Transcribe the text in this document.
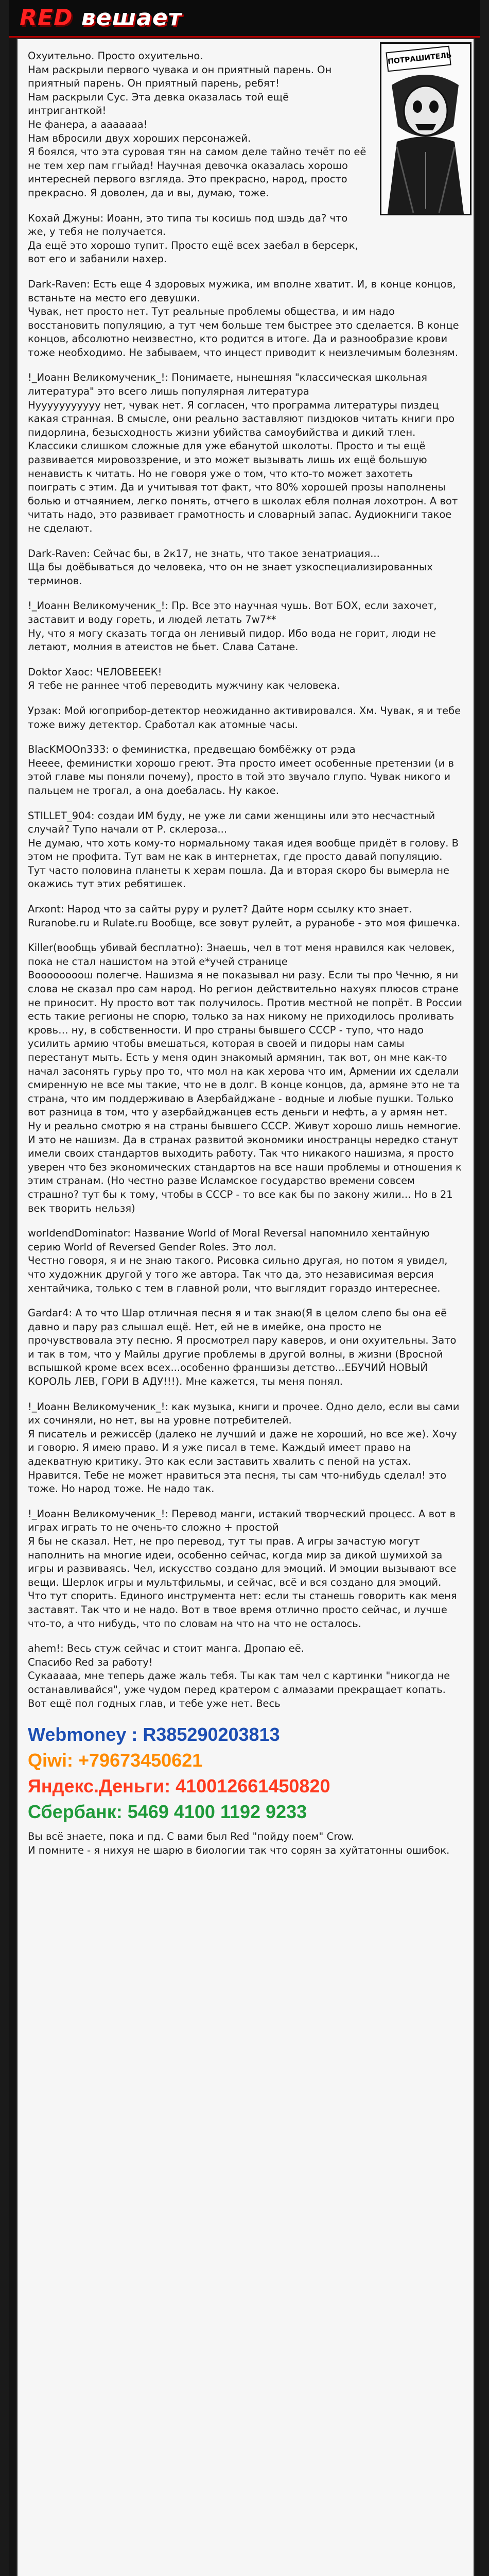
RED вешает
ПОТРАШИТЕЛЬ

Охуительно. Просто охуительно.
Нам раскрыли первого чувака и он приятный парень. Он приятный парень. Он приятный парень, ребят!
Нам раскрыли Сус. Эта девка оказалась той ещё интриганткой!
Не фанера, а ааааааа!
Нам вбросили двух хороших персонажей.
Я боялся, что эта суровая тян на самом деле тайно течёт по её не тем хер пам ггыйад! Научная девочка оказалась хорошо интересней первого взгляда. Это прекрасно, народ, просто прекрасно. Я доволен, да и вы, думаю, тоже.

Кохай Джуны: Иоанн, это типа ты косишь под шэдь да? что же, у тебя не получается.
Да ещё это хорошо тупит. Просто ещё всех заебал в берсерк, вот его и забанили нахер.

Dark-Raven: Есть еще 4 здоровых мужика, им вполне хватит. И, в конце концов, встаньте на место его девушки.
Чувак, нет просто нет. Тут реальные проблемы общества, и им надо восстановить популяцию, а тут чем больше тем быстрее это сделается. В конце концов, абсолютно неизвестно, кто родится в итоге. Да и разнообразие крови тоже необходимо. Не забываем, что инцест приводит к неизлечимым болезням.

!_Иоанн Великомученик_!: Понимаете, нынешняя "классическая школьная литература" это всего лишь популярная литература
Нууууууууууу нет, чувак нет. Я согласен, что программа литературы пиздец какая странная. В смысле, они реально заставляют пиздюков читать книги про пидорлина, безысходность жизни убийства самоубийства и дикий тлен. Классики слишком сложные для уже ебанутой школоты. Просто и ты ещё развивается мировоззрение, и это может вызывать лишь их ещё большую ненависть к читать. Но не говоря уже о том, что кто-то может захотеть поиграть с этим. Да и учитывая тот факт, что 80% хорошей прозы наполнены болью и отчаянием, легко понять, отчего в школах ебля полная лохотрон. А вот читать надо, это развивает грамотность и словарный запас. Аудиокниги такое не сделают.

Dark-Raven: Сейчас бы, в 2к17, не знать, что такое зенатриация...
Ща бы доёбываться до человека, что он не знает узкоспециализированных терминов.

!_Иоанн Великомученик_!: Пр. Все это научная чушь. Вот БОХ, если захочет, заставит и воду гореть, и людей летать 7w7**
Ну, что я могу сказать тогда он ленивый пидор. Ибо вода не горит, люди не летают, молния в атеистов не бьет. Слава Сатане.

Doktor Хаос: ЧЕЛОВЕЕЕК!
Я тебе не раннее чтоб переводить мужчину как человека.

Урзак: Мой югоприбор-детектор неожиданно активировался. Хм. Чувак, я и тебе тоже вижу детектор. Сработал как атомные часы.

BlacKMOOn333: о феминистка, предвещаю бомбёжку от рэда
Нееее, феминистки хорошо греют. Эта просто имеет особенные претензии (и в этой главе мы поняли почему), просто в той это звучало глупо. Чувак никого и пальцем не трогал, а она доебалась. Ну какое.

STILLET_904: создаи ИМ буду, не уже ли сами женщины или это несчастный случай? Тупо начали от Р. склероза...
Не думаю, что хоть кому-то нормальному такая идея вообще придёт в голову. В этом не профита. Тут вам не как в интернетах, где просто давай популяцию. Тут часто половина планеты к херам пошла. Да и вторая скоро бы вымерла не окажись тут этих ребятишек.

Arxont: Народ что за сайты руру и рулет? Дайте норм ссылку кто знает.
Ruranobe.ru и Rulate.ru Вообще, все зовут рулейт, а руранобе - это моя фишечка.

Killer(вообщь убивай бесплатно): Знаешь, чел в тот меня нравился как человек, пока не стал нашистом на этой е*учей странице
Воооооооош полегче. Нашизма я не показывал ни разу. Если ты про Чечню, я ни слова не сказал про сам народ. Но регион действительно нахуях плюсов стране не приносит. Ну просто вот так получилось. Против местной не попрёт. В России есть такие регионы не спорю, только за нах никому не приходилось проливать кровь… ну, в собственности. И про страны бывшего СССР - тупо, что надо усилить армию чтобы вмешаться, которая в своей и пидоры нам самы перестанут мыть. Есть у меня один знакомый армянин, так вот, он мне как-то начал засонять гурьу про то, что мол на как херова что им, Армении их сделали смиренную не все мы такие, что не в долг. В конце концов, да, армяне это не та страна, что им поддерживаю в Азербайджане - водные и любые пушки. Только вот разница в том, что у азербайджанцев есть деньги и нефть, а у армян нет. Ну и реально смотрю я на страны бывшего СССР. Живут хорошо лишь немногие. И это не нашизм. Да в странах развитой экономики иностранцы нередко станут имели своих стандартов выходить работу. Так что никакого нашизма, я просто уверен что без экономических стандартов на все наши проблемы и отношения к этим странам. (Но честно разве Исламское государство времени совсем страшно? тут бы к тому, чтобы в СССР - то все как бы по закону жили... Но в 21 век творить нельзя)

worldendDominator: Название World of Moral Reversal напомнило хентайную серию World of Reversed Gender Roles. Это лол.
Честно говоря, я и не знаю такого. Рисовка сильно другая, но потом я увидел, что художник другой у того же автора. Так что да, это независимая версия хентайчика, только с тем в главной роли, что выглядит гораздо интереснее.

Gardar4: А то что Шар отличная песня я и так знаю(Я в целом слепо бы она её давно и пару раз слышал ещё. Нет, ей не в имейке, она просто не прочувствовала эту песню. Я просмотрел пару каверов, и они охуительны. Зато и так в том, что у Майлы другие проблемы в другой волны, в жизни (Вросной вспышкой кроме всех всех...особенно франшизы детство...ЕБУЧИЙ НОВЫЙ КОРОЛЬ ЛЕВ, ГОРИ В АДУ!!!). Мне кажется, ты меня понял.

!_Иоанн Великомученик_!: как музыка, книги и прочее. Одно дело, если вы сами их сочиняли, но нет, вы на уровне потребителей.
Я писатель и режиссёр (далеко не лучший и даже не хороший, но все же). Хочу и говорю. Я имею право. И я уже писал в теме. Каждый имеет право на адекватную критику. Это как если заставить хвалить с пеной на устах. Нравится. Тебе не может нравиться эта песня, ты сам что-нибудь сделал! это тоже. Но народ тоже. Не надо так.

!_Иоанн Великомученик_!: Перевод манги, истакий творческий процесс. А вот в играх играть то не очень-то сложно + простой
Я бы не сказал. Нет, не про перевод, тут ты прав. А игры зачастую могут наполнить на многие идеи, особенно сейчас, когда мир за дикой шумихой за игры и развиваясь. Чел, искусство создано для эмоций. И эмоции вызывают все вещи. Шерлок игры и мультфильмы, и сейчас, всё и вся создано для эмоций. Что тут спорить. Единого инструмента нет: если ты станешь говорить как меня заставят. Так что и не надо. Вот в твое время отлично просто сейчас, и лучше что-то, а что нибудь, что по словам на что на что не осталось.

ahem!: Весь стуж сейчас и стоит манга. Дропаю её.
Спасибо Red за работу!
Сукааааа, мне теперь даже жаль тебя. Ты как там чел с картинки "никогда не останавливайся", уже чудом перед кратером с алмазами прекращает копать. Вот ещё пол годных глав, и тебе уже нет. Весь

Webmoney : R385290203813

Qiwi: +79673450621

Яндекс.Деньги: 410012661450820

Сбербанк: 5469 4100 1192 9233

Вы всё знаете, пока и пд. С вами был Red "пойду поем" Crow.
И помните - я нихуя не шарю в биологии так что сорян за хуйтатонны ошибок.
